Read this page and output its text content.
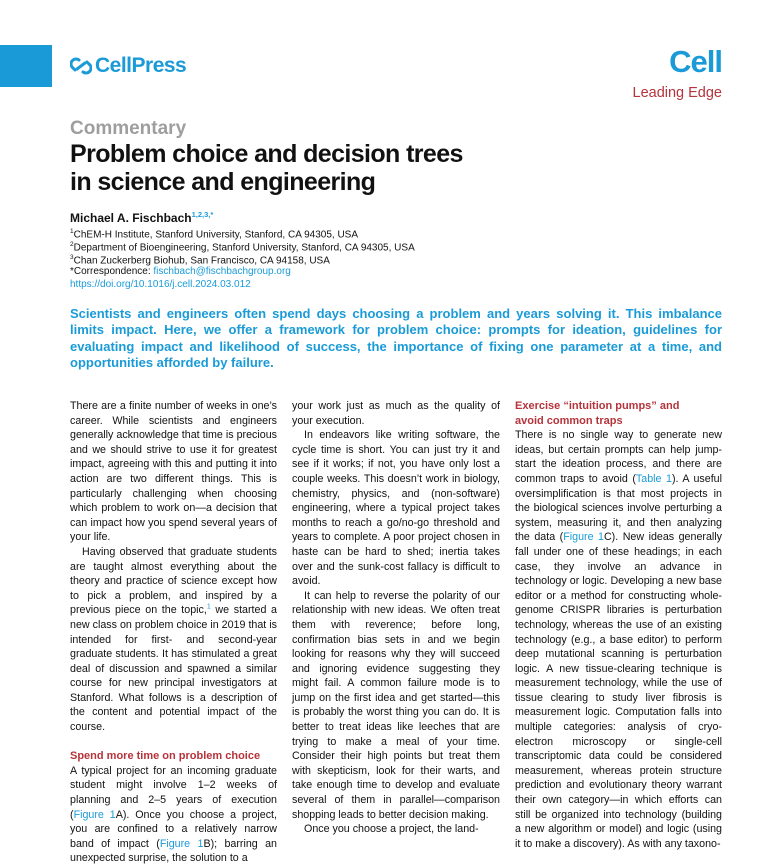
CellPress	Cell
Leading Edge
Commentary
Problem choice and decision trees
in science and engineering
Michael A. Fischbach$^{1,2,3,*}$
$^1$ChEM-H Institute, Stanford University, Stanford, CA 94305, USA
$^2$Department of Bioengineering, Stanford University, Stanford, CA 94305, USA
$^3$Chan Zuckerberg Biohub, San Francisco, CA 94158, USA
*Correspondence: fischbach@fischbachgroup.org
https://doi.org/10.1016/j.cell.2024.03.012
Scientists and engineers often spend days choosing a problem and years solving it. This imbalance limits impact. Here, we offer a framework for problem choice: prompts for ideation, guidelines for evaluating impact and likelihood of success, the importance of fixing one parameter at a time, and opportunities afforded by failure.

There are a finite number of weeks in one’s career. While scientists and engineers generally acknowledge that time is precious and we should strive to use it for greatest impact, agreeing with this and putting it into action are two different things. This is particularly challenging when choosing which problem to work on—a decision that can impact how you spend several years of your life.

Having observed that graduate students are taught almost everything about the theory and practice of science except how to pick a problem, and inspired by a previous piece on the topic,$^1$ we started a new class on problem choice in 2019 that is intended for first- and second-year graduate students. It has stimulated a great deal of discussion and spawned a similar course for new principal investigators at Stanford. What follows is a description of the content and potential impact of the course.

Spend more time on problem choice

A typical project for an incoming graduate student might involve 1–2 weeks of planning and 2–5 years of execution (Figure 1A). Once you choose a project, you are confined to a relatively narrow band of impact (Figure 1B); barring an unexpected surprise, the solution to a

your work just as much as the quality of your execution.

In endeavors like writing software, the cycle time is short. You can just try it and see if it works; if not, you have only lost a couple weeks. This doesn’t work in biology, chemistry, physics, and (non-software) engineering, where a typical project takes months to reach a go/no-go threshold and years to complete. A poor project chosen in haste can be hard to shed; inertia takes over and the sunk-cost fallacy is difficult to avoid.

It can help to reverse the polarity of our relationship with new ideas. We often treat them with reverence; before long, confirmation bias sets in and we begin looking for reasons why they will succeed and ignoring evidence suggesting they might fail. A common failure mode is to jump on the first idea and get started—this is probably the worst thing you can do. It is better to treat ideas like leeches that are trying to make a meal of your time. Consider their high points but treat them with skepticism, look for their warts, and take enough time to develop and evaluate several of them in parallel—comparison shopping leads to better decision making.

Once you choose a project, the land-

Exercise “intuition pumps” and
avoid common traps

There is no single way to generate new ideas, but certain prompts can help jump-start the ideation process, and there are common traps to avoid (Table 1). A useful oversimplification is that most projects in the biological sciences involve perturbing a system, measuring it, and then analyzing the data (Figure 1C). New ideas generally fall under one of these headings; in each case, they involve an advance in technology or logic. Developing a new base editor or a method for constructing whole-genome CRISPR libraries is perturbation technology, whereas the use of an existing technology (e.g., a base editor) to perform deep mutational scanning is perturbation logic. A new tissue-clearing technique is measurement technology, while the use of tissue clearing to study liver fibrosis is measurement logic. Computation falls into multiple categories: analysis of cryo-electron microscopy or single-cell transcriptomic data could be considered measurement, whereas protein structure prediction and evolutionary theory warrant their own category—in which efforts can still be organized into technology (building a new algorithm or model) and logic (using it to make a discovery). As with any taxono-
